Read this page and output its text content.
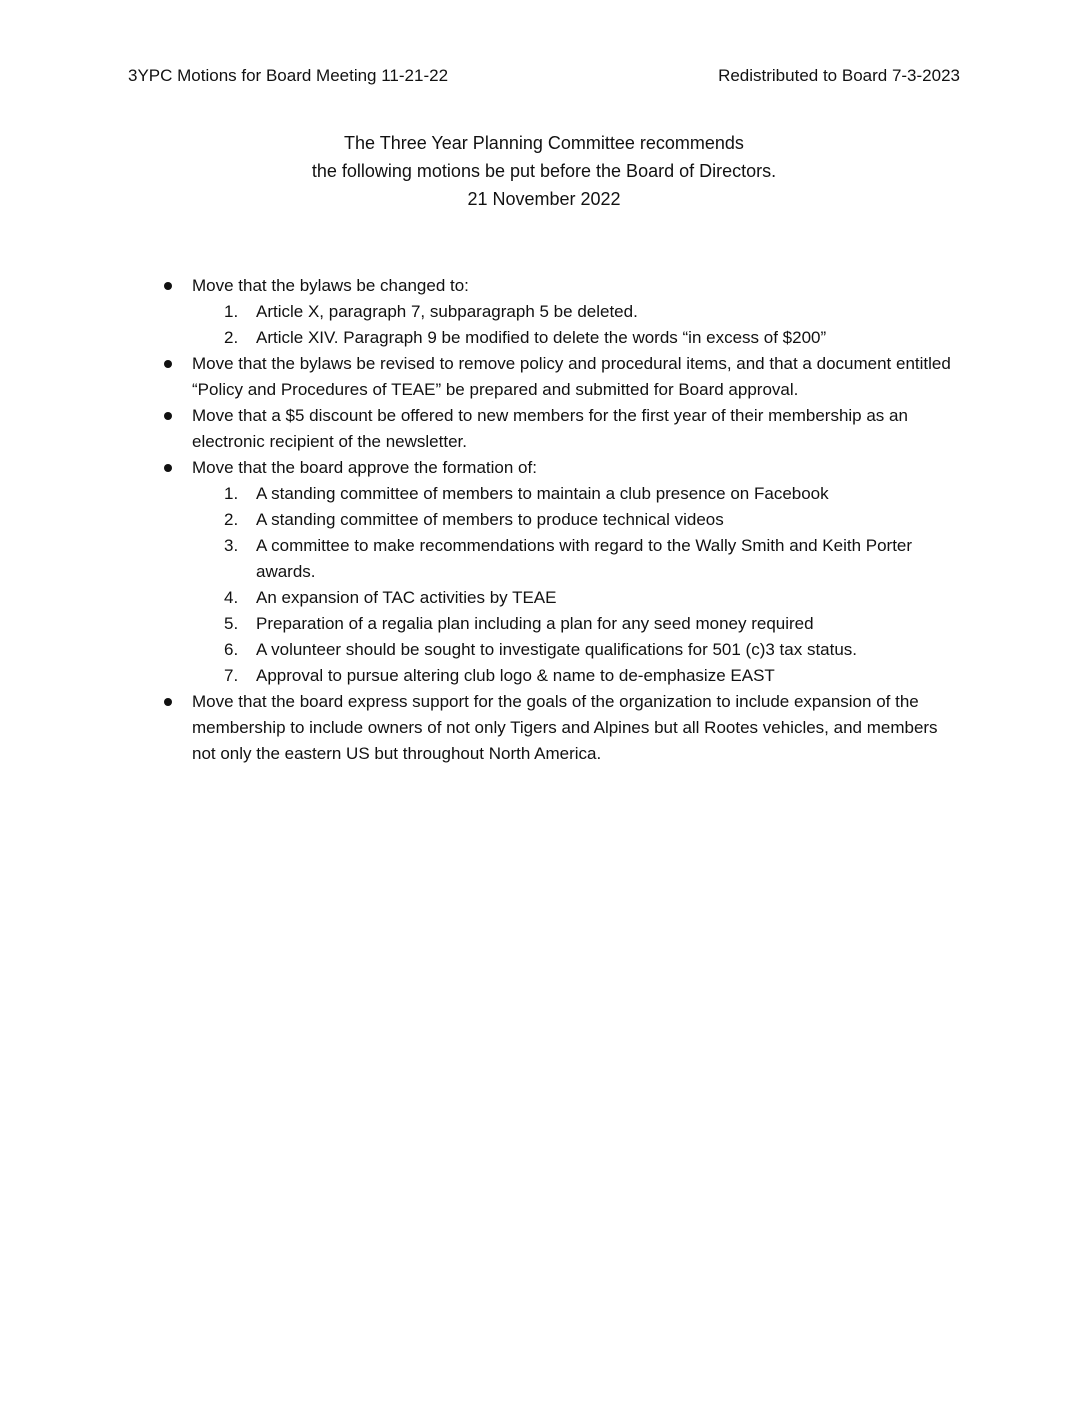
3YPC Motions for Board Meeting 11-21-22	Redistributed to Board 7-3-2023
The Three Year Planning Committee recommends
the following motions be put before the Board of Directors.
21 November 2022
Move that the bylaws be changed to:
1. Article X, paragraph 7, subparagraph 5 be deleted.
2. Article XIV. Paragraph 9 be modified to delete the words “in excess of $200”
Move that the bylaws be revised to remove policy and procedural items, and that a document entitled “Policy and Procedures of TEAE” be prepared and submitted for Board approval.
Move that a $5 discount be offered to new members for the first year of their membership as an electronic recipient of the newsletter.
Move that the board approve the formation of:
1. A standing committee of members to maintain a club presence on Facebook
2. A standing committee of members to produce technical videos
3. A committee to make recommendations with regard to the Wally Smith and Keith Porter awards.
4. An expansion of TAC activities by TEAE
5. Preparation of a regalia plan including a plan for any seed money required
6. A volunteer should be sought to investigate qualifications for 501 (c)3 tax status.
7. Approval to pursue altering club logo & name to de-emphasize EAST
Move that the board express support for the goals of the organization to include expansion of the membership to include owners of not only Tigers and Alpines but all Rootes vehicles, and members not only the eastern US but throughout North America.
